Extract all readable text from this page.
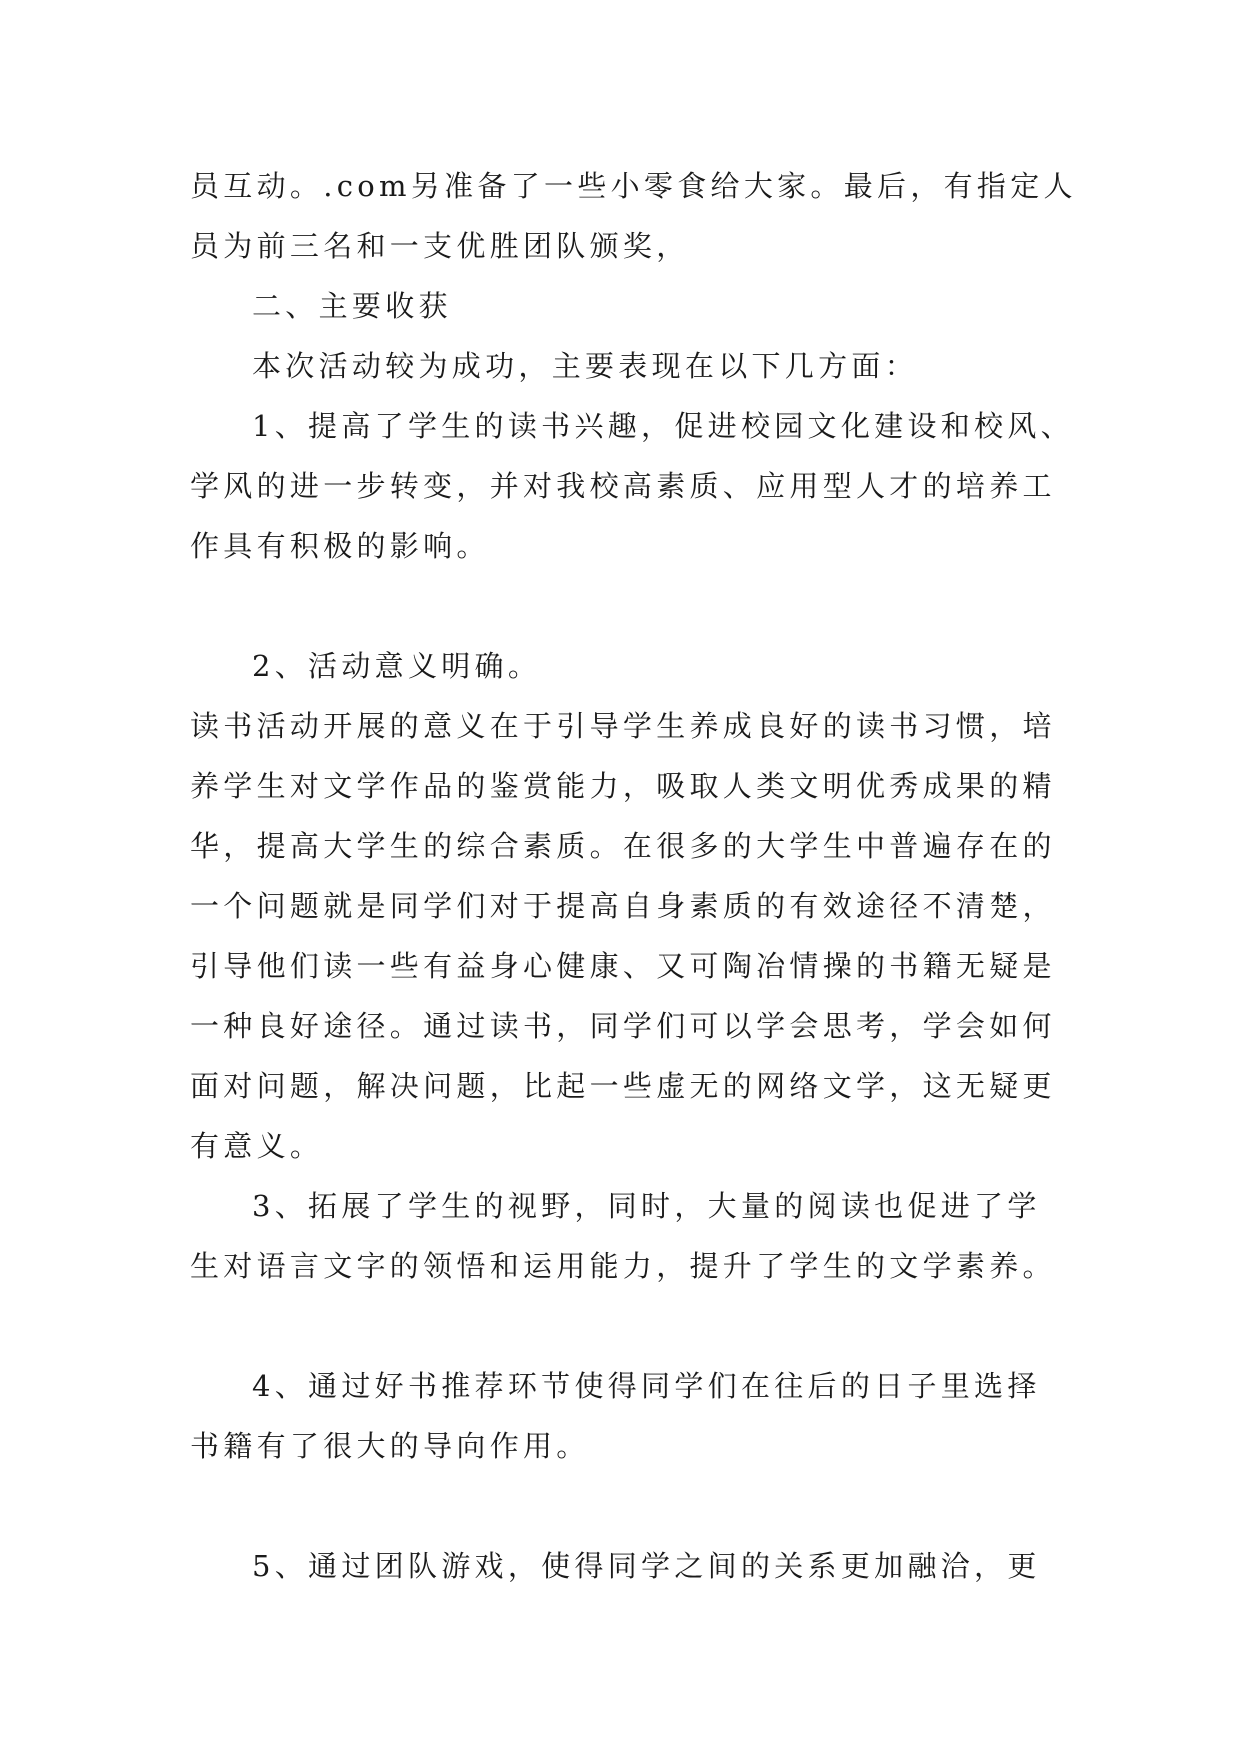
员互动。.com另准备了一些小零食给大家。最后，有指定人
员为前三名和一支优胜团队颁奖，
二、主要收获
本次活动较为成功，主要表现在以下几方面：
1、提高了学生的读书兴趣，促进校园文化建设和校风、
学风的进一步转变，并对我校高素质、应用型人才的培养工
作具有积极的影响。
2、活动意义明确。
读书活动开展的意义在于引导学生养成良好的读书习惯，培
养学生对文学作品的鉴赏能力，吸取人类文明优秀成果的精
华，提高大学生的综合素质。在很多的大学生中普遍存在的
一个问题就是同学们对于提高自身素质的有效途径不清楚，
引导他们读一些有益身心健康、又可陶冶情操的书籍无疑是
一种良好途径。通过读书，同学们可以学会思考，学会如何
面对问题，解决问题，比起一些虚无的网络文学，这无疑更
有意义。
3、拓展了学生的视野，同时，大量的阅读也促进了学
生对语言文字的领悟和运用能力，提升了学生的文学素养。
4、通过好书推荐环节使得同学们在往后的日子里选择
书籍有了很大的导向作用。
5、通过团队游戏，使得同学之间的关系更加融洽，更
